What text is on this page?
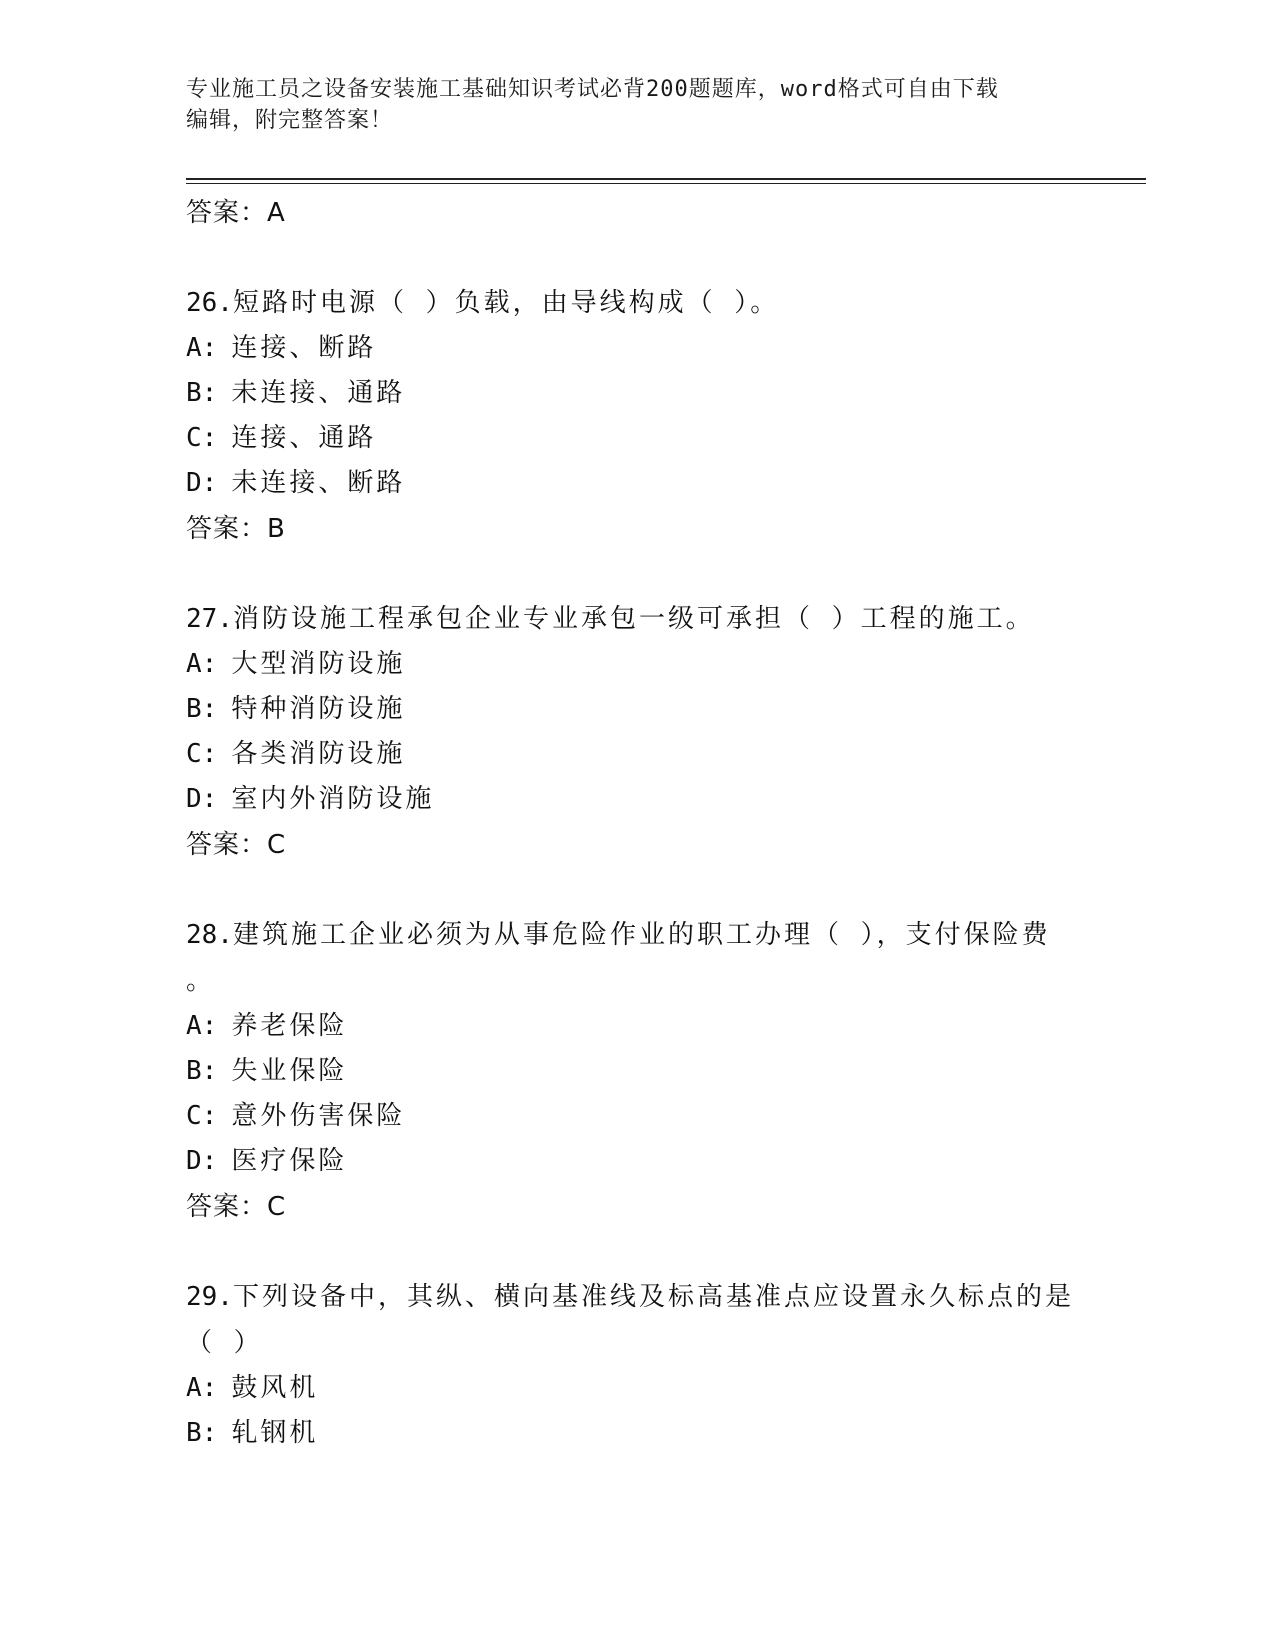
专业施工员之设备安装施工基础知识考试必背200题题库，word格式可自由下载
编辑，附完整答案！
答案：A
26.短路时电源（ ）负载，由导线构成（ ）。
A: 连接、断路
B: 未连接、通路
C: 连接、通路
D: 未连接、断路
答案：B
27.消防设施工程承包企业专业承包一级可承担（ ）工程的施工。
A: 大型消防设施
B: 特种消防设施
C: 各类消防设施
D: 室内外消防设施
答案：C
28.建筑施工企业必须为从事危险作业的职工办理（ ），支付保险费
。
A: 养老保险
B: 失业保险
C: 意外伤害保险
D: 医疗保险
答案：C
29.下列设备中，其纵、横向基准线及标高基准点应设置永久标点的是
（ ）
A: 鼓风机
B: 轧钢机
